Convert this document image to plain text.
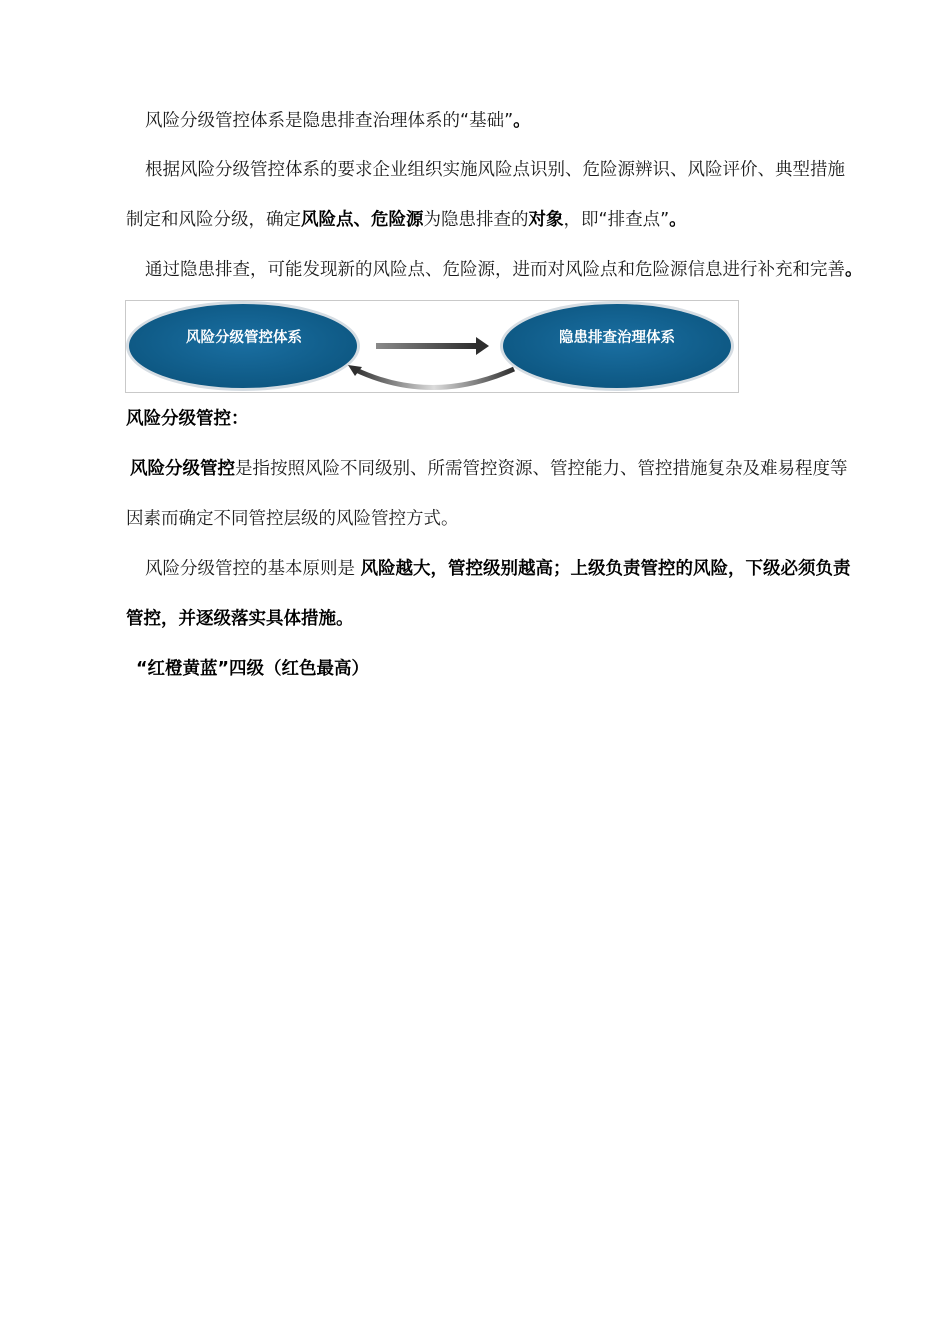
风险分级管控体系是隐患排查治理体系的“基础”。
根据风险分级管控体系的要求企业组织实施风险点识别、危险源辨识、风险评价、典型措施
制定和风险分级，确定风险点、危险源为隐患排查的对象，即“排查点”。
通过隐患排查，可能发现新的风险点、危险源，进而对风险点和危险源信息进行补充和完善。
风险分级管控体系	隐患排查治理体系
风险分级管控：
风险分级管控是指按照风险不同级别、所需管控资源、管控能力、管控措施复杂及难易程度等
因素而确定不同管控层级的风险管控方式。
风险分级管控的基本原则是 风险越大，管控级别越高；上级负责管控的风险，下级必须负责
管控，并逐级落实具体措施。
“红橙黄蓝”四级（红色最高）
